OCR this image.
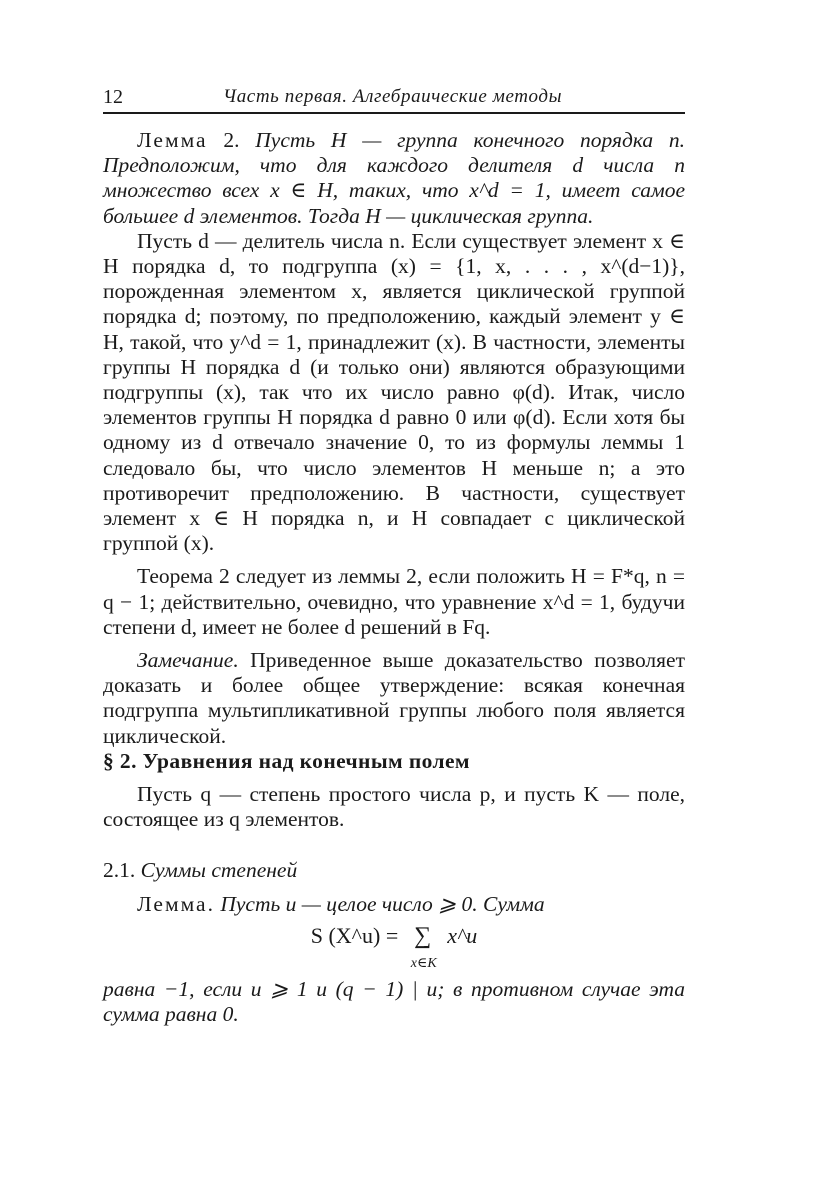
12	Часть первая. Алгебраические методы

Лемма 2. Пусть H — группа конечного порядка n. Предположим, что для каждого делителя d числа n множество всех x ∈ H, таких, что x^d = 1, имеет самое большее d элементов. Тогда H — циклическая группа.

Пусть d — делитель числа n. Если существует элемент x ∈ H порядка d, то подгруппа (x) = {1, x, . . . , x^(d−1)}, порожденная элементом x, является циклической группой порядка d; поэтому, по предположению, каждый элемент y ∈ H, такой, что y^d = 1, принадлежит (x). В частности, элементы группы H порядка d (и только они) являются образующими подгруппы (x), так что их число равно φ(d). Итак, число элементов группы H порядка d равно 0 или φ(d). Если хотя бы одному из d отвечало значение 0, то из формулы леммы 1 следовало бы, что число элементов H меньше n; а это противоречит предположению. В частности, существует элемент x ∈ H порядка n, и H совпадает с циклической группой (x).

Теорема 2 следует из леммы 2, если положить H = F*q, n = q − 1; действительно, очевидно, что уравнение x^d = 1, будучи степени d, имеет не более d решений в Fq.

Замечание. Приведенное выше доказательство позволяет доказать и более общее утверждение: всякая конечная подгруппа мультипликативной группы любого поля является циклической.

§ 2. Уравнения над конечным полем

Пусть q — степень простого числа p, и пусть K — поле, состоящее из q элементов.

2.1. Суммы степеней

Лемма. Пусть u — целое число ⩾ 0. Сумма

S (X^u) = ∑
x∈K
x^u

равна −1, если u ⩾ 1 и (q − 1) | u; в противном случае эта сумма равна 0.
